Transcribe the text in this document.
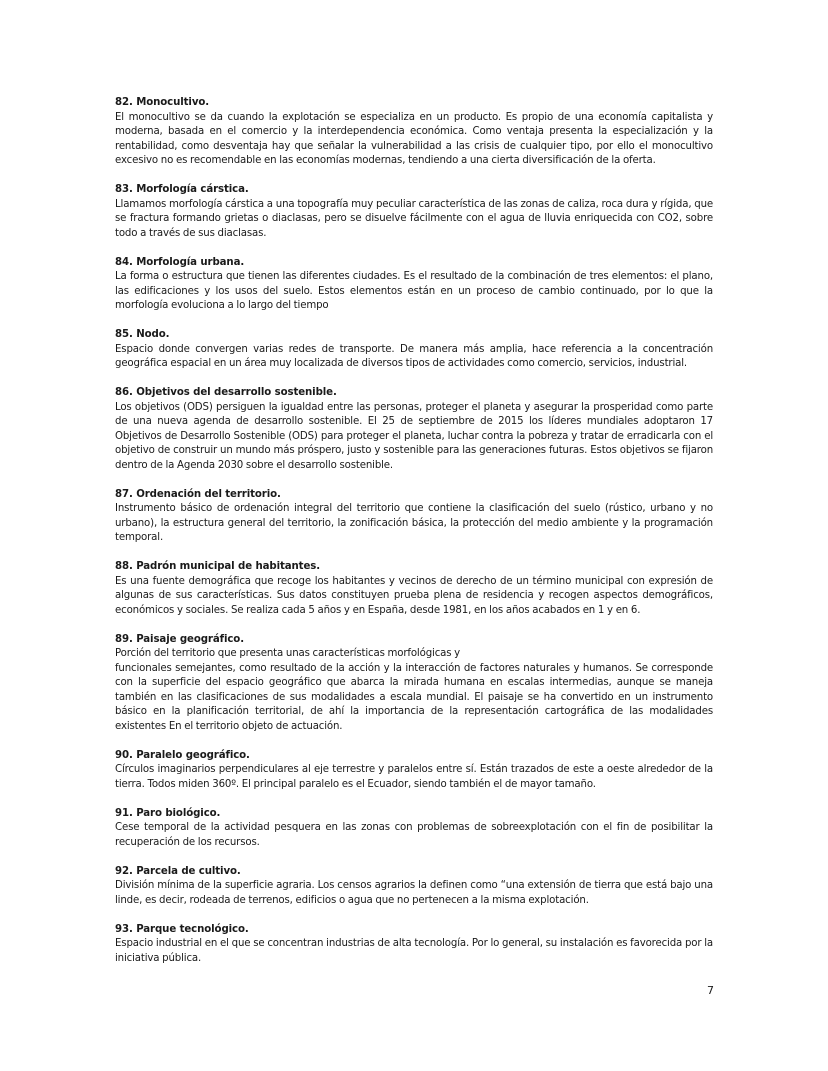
82. Monocultivo.

El monocultivo se da cuando la explotación se especializa en un producto. Es propio de una economía capitalista y moderna, basada en el comercio y la interdependencia económica. Como ventaja presenta la especialización y la rentabilidad, como desventaja hay que señalar la vulnerabilidad a las crisis de cualquier tipo, por ello el monocultivo excesivo no es recomendable en las economías modernas, tendiendo a una cierta diversificación de la oferta.

83. Morfología cárstica.

Llamamos morfología cárstica a una topografía muy peculiar característica de las zonas de caliza, roca dura y rígida, que se fractura formando grietas o diaclasas, pero se disuelve fácilmente con el agua de lluvia enriquecida con CO2, sobre todo a través de sus diaclasas.

84. Morfología urbana.

La forma o estructura que tienen las diferentes ciudades. Es el resultado de la combinación de tres elementos: el plano, las edificaciones y los usos del suelo. Estos elementos están en un proceso de cambio continuado, por lo que la morfología evoluciona a lo largo del tiempo

85. Nodo.

Espacio donde convergen varias redes de transporte. De manera más amplia, hace referencia a la concentración geográfica espacial en un área muy localizada de diversos tipos de actividades como comercio, servicios, industrial.

86. Objetivos del desarrollo sostenible.

Los objetivos (ODS) persiguen la igualdad entre las personas, proteger el planeta y asegurar la prosperidad como parte de una nueva agenda de desarrollo sostenible. El 25 de septiembre de 2015 los líderes mundiales adoptaron 17 Objetivos de Desarrollo Sostenible (ODS) para proteger el planeta, luchar contra la pobreza y tratar de erradicarla con el objetivo de construir un mundo más próspero, justo y sostenible para las generaciones futuras. Estos objetivos se fijaron dentro de la Agenda 2030 sobre el desarrollo sostenible.

87. Ordenación del territorio.

Instrumento básico de ordenación integral del territorio que contiene la clasificación del suelo (rústico, urbano y no urbano), la estructura general del territorio, la zonificación básica, la protección del medio ambiente y la programación temporal.

88. Padrón municipal de habitantes.

Es una fuente demográfica que recoge los habitantes y vecinos de derecho de un término municipal con expresión de algunas de sus características. Sus datos constituyen prueba plena de residencia y recogen aspectos demográficos, económicos y sociales. Se realiza cada 5 años y en España, desde 1981, en los años acabados en 1 y en 6.

89. Paisaje geográfico.

Porción del territorio que presenta unas características morfológicas y
funcionales semejantes, como resultado de la acción y la interacción de factores naturales y humanos. Se corresponde con la superficie del espacio geográfico que abarca la mirada humana en escalas intermedias, aunque se maneja también en las clasificaciones de sus modalidades a escala mundial. El paisaje se ha convertido en un instrumento básico en la planificación territorial, de ahí la importancia de la representación cartográfica de las modalidades existentes En el territorio objeto de actuación.

90. Paralelo geográfico.

Círculos imaginarios perpendiculares al eje terrestre y paralelos entre sí. Están trazados de este a oeste alrededor de la tierra. Todos miden 360º. El principal paralelo es el Ecuador, siendo también el de mayor tamaño.

91. Paro biológico.

Cese temporal de la actividad pesquera en las zonas con problemas de sobreexplotación con el fin de posibilitar la recuperación de los recursos.

92. Parcela de cultivo.

División mínima de la superficie agraria. Los censos agrarios la definen como “una extensión de tierra que está bajo una linde, es decir, rodeada de terrenos, edificios o agua que no pertenecen a la misma explotación.

93. Parque tecnológico.

Espacio industrial en el que se concentran industrias de alta tecnología. Por lo general, su instalación es favorecida por la iniciativa pública.

7
